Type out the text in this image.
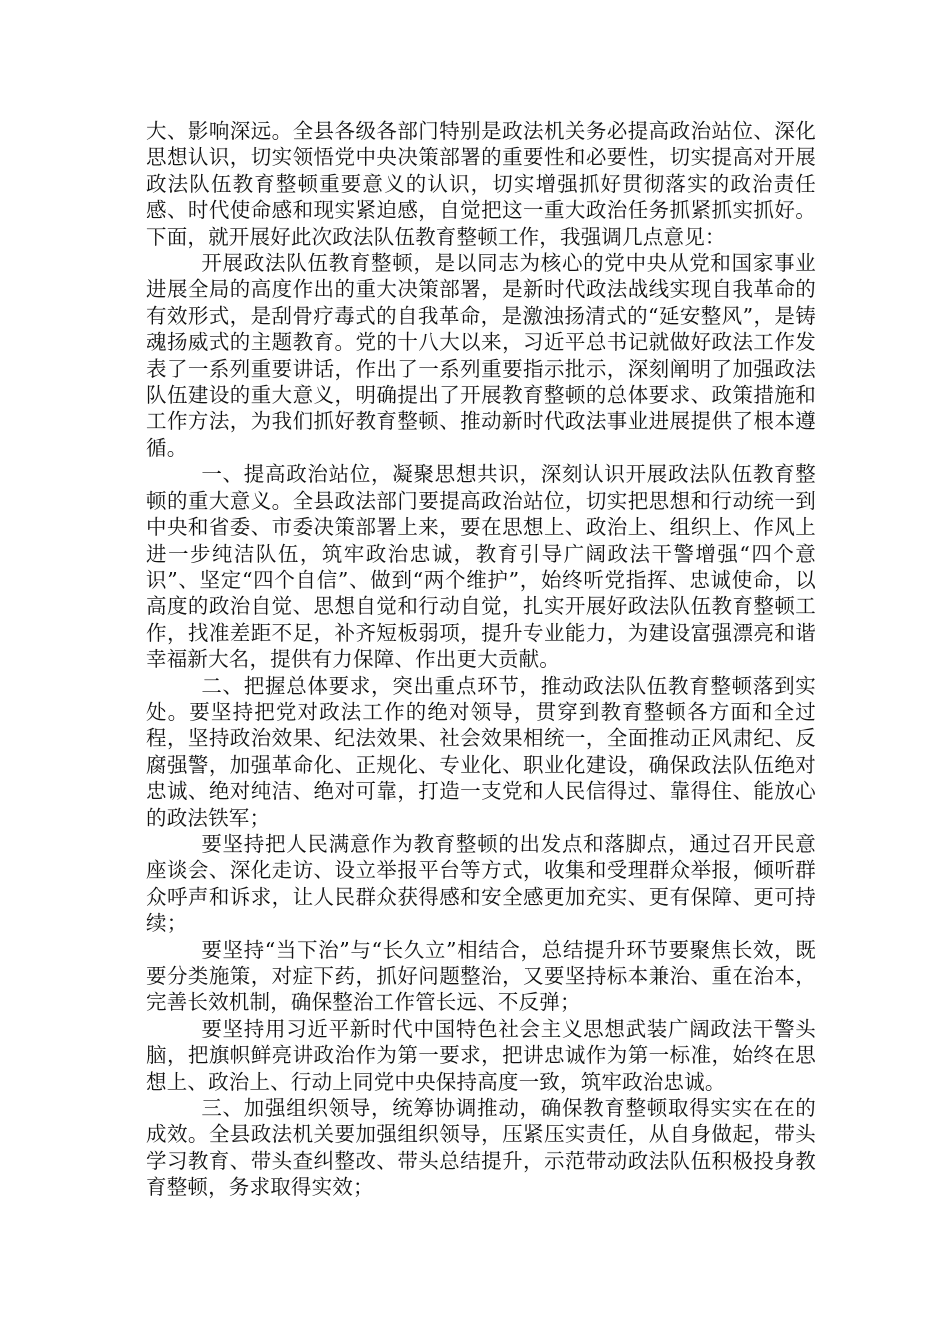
大、影响深远。全县各级各部门特别是政法机关务必提高政治站位、深化思想认识，切实领悟党中央决策部署的重要性和必要性，切实提高对开展政法队伍教育整顿重要意义的认识，切实增强抓好贯彻落实的政治责任感、时代使命感和现实紧迫感，自觉把这一重大政治任务抓紧抓实抓好。下面，就开展好此次政法队伍教育整顿工作，我强调几点意见：

开展政法队伍教育整顿，是以同志为核心的党中央从党和国家事业进展全局的高度作出的重大决策部署，是新时代政法战线实现自我革命的有效形式，是刮骨疗毒式的自我革命，是激浊扬清式的“延安整风”，是铸魂扬威式的主题教育。党的十八大以来，习近平总书记就做好政法工作发表了一系列重要讲话，作出了一系列重要指示批示，深刻阐明了加强政法队伍建设的重大意义，明确提出了开展教育整顿的总体要求、政策措施和工作方法，为我们抓好教育整顿、推动新时代政法事业进展提供了根本遵循。

一、提高政治站位，凝聚思想共识，深刻认识开展政法队伍教育整顿的重大意义。全县政法部门要提高政治站位，切实把思想和行动统一到中央和省委、市委决策部署上来，要在思想上、政治上、组织上、作风上进一步纯洁队伍，筑牢政治忠诚，教育引导广阔政法干警增强“四个意识”、坚定“四个自信”、做到“两个维护”，始终听党指挥、忠诚使命，以高度的政治自觉、思想自觉和行动自觉，扎实开展好政法队伍教育整顿工作，找准差距不足，补齐短板弱项，提升专业能力，为建设富强漂亮和谐幸福新大名，提供有力保障、作出更大贡献。

二、把握总体要求，突出重点环节，推动政法队伍教育整顿落到实处。要坚持把党对政法工作的绝对领导，贯穿到教育整顿各方面和全过程，坚持政治效果、纪法效果、社会效果相统一，全面推动正风肃纪、反腐强警，加强革命化、正规化、专业化、职业化建设，确保政法队伍绝对忠诚、绝对纯洁、绝对可靠，打造一支党和人民信得过、靠得住、能放心的政法铁军；

要坚持把人民满意作为教育整顿的出发点和落脚点，通过召开民意座谈会、深化走访、设立举报平台等方式，收集和受理群众举报，倾听群众呼声和诉求，让人民群众获得感和安全感更加充实、更有保障、更可持续；

要坚持“当下治”与“长久立”相结合，总结提升环节要聚焦长效，既要分类施策，对症下药，抓好问题整治，又要坚持标本兼治、重在治本，完善长效机制，确保整治工作管长远、不反弹；

要坚持用习近平新时代中国特色社会主义思想武装广阔政法干警头脑，把旗帜鲜亮讲政治作为第一要求，把讲忠诚作为第一标准，始终在思想上、政治上、行动上同党中央保持高度一致，筑牢政治忠诚。

三、加强组织领导，统筹协调推动，确保教育整顿取得实实在在的成效。全县政法机关要加强组织领导，压紧压实责任，从自身做起，带头学习教育、带头查纠整改、带头总结提升，示范带动政法队伍积极投身教育整顿，务求取得实效；
